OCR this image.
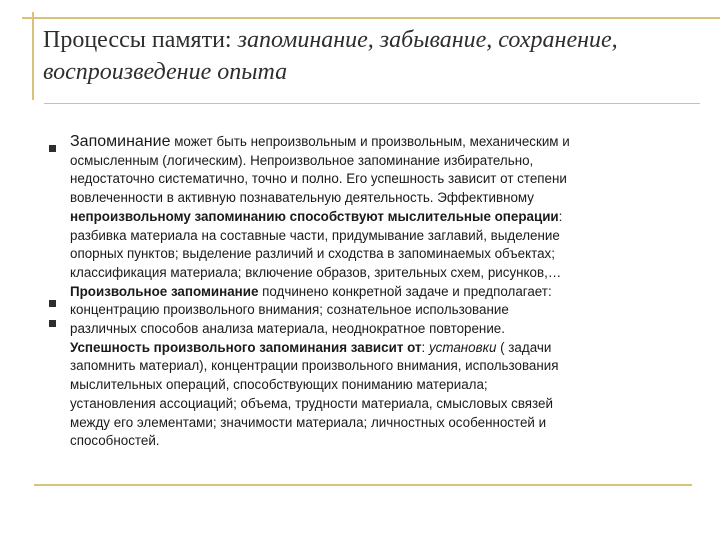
Процессы памяти: запоминание, забывание, сохранение,
воспроизведение опыта
Запоминание может быть непроизвольным и произвольным, механическим и
осмысленным (логическим). Непроизвольное запоминание избирательно,
недостаточно систематично, точно и полно. Его успешность зависит от степени
вовлеченности в активную познавательную деятельность. Эффективному
непроизвольному запоминанию способствуют мыслительные операции:
разбивка материала на составные части, придумывание заглавий, выделение
опорных пунктов; выделение различий и сходства в запоминаемых объектах;
классификация материала; включение образов, зрительных схем, рисунков,…
Произвольное запоминание подчинено конкретной задаче и предполагает:
концентрацию произвольного внимания; сознательное использование
различных способов анализа материала, неоднократное повторение.
Успешность произвольного запоминания зависит от: установки ( задачи
запомнить материал), концентрации произвольного внимания, использования
мыслительных операций, способствующих пониманию материала;
установления ассоциаций; объема, трудности материала, смысловых связей
между его элементами; значимости материала; личностных особенностей и
способностей.
